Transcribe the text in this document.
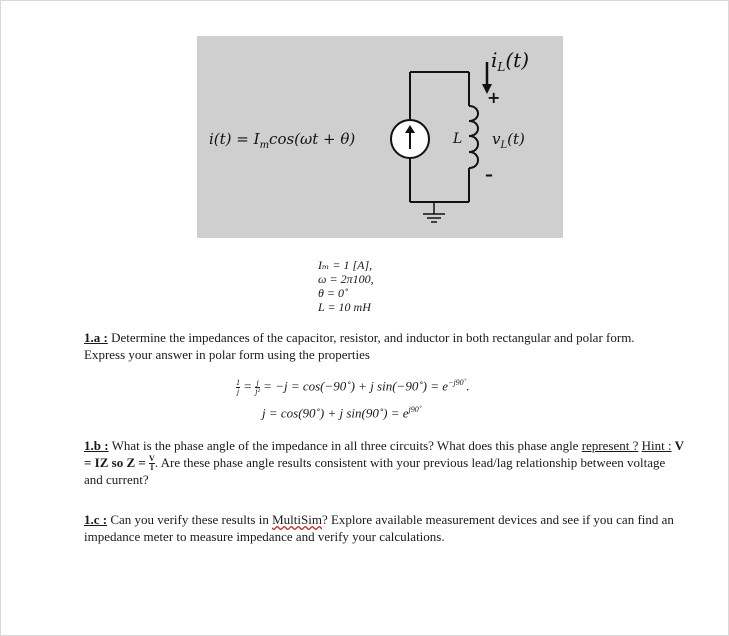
$i(t) = I_m\cos(\omega t + \theta)$	L
$i_L(t)$
$v_L(t)$
+
–
Iₘ = 1 [A],
ω = 2π100,
θ = 0˚
L = 10 mH
1.a : Determine the impedances of the capacitor, resistor, and inductor in both rectangular and polar form. Express your answer in polar form using the properties
$\frac{1}{j} = \frac{j}{\text{j²}} = -j$ = cos(−90˚) + j sin(−90˚) = $e^{-j90˚}$.
j = cos(90˚) + j sin(90˚) = $e^{j90˚}$
1.b : What is the phase angle of the impedance in all three circuits? What does this phase angle represent ? Hint : V = IZ so $Z = \frac{V}{I}$ . Are these phase angle results consistent with your previous lead/lag relationship between voltage and current?
1.c : Can you verify these results in MultiSim? Explore available measurement devices and see if you can find an impedance meter to measure impedance and verify your calculations.
